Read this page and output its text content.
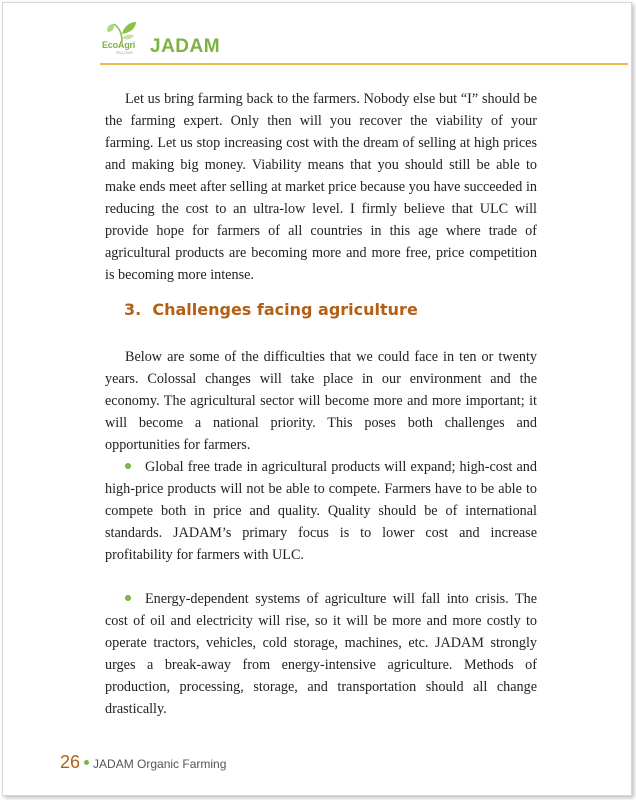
EcoAgri
FELLOWS JADAM

Let us bring farming back to the farmers. Nobody else but “I” should be the farming expert. Only then will you recover the viability of your farming. Let us stop increasing cost with the dream of selling at high prices and making big money. Viability means that you should still be able to make ends meet after selling at market price because you have succeeded in reducing the cost to an ultra-low level. I firmly believe that ULC will provide hope for farmers of all countries in this age where trade of agricultural products are becoming more and more free, price competition is becoming more intense.

3.  Challenges facing agriculture

Below are some of the difficulties that we could face in ten or twenty years. Colossal changes will take place in our environment and the economy. The agricultural sector will become more and more important; it will become a national priority. This poses both challenges and opportunities for farmers.

Global free trade in agricultural products will expand; high-cost and high-price products will not be able to compete. Farmers have to be able to compete both in price and quality. Quality should be of international standards. JADAM’s primary focus is to lower cost and increase profitability for farmers with ULC.

Energy-dependent systems of agriculture will fall into crisis. The cost of oil and electricity will rise, so it will be more and more costly to operate tractors, vehicles, cold storage, machines, etc. JADAM strongly urges a break-away from energy-intensive agriculture. Methods of production, processing, storage, and transportation should all change drastically.

26 JADAM Organic Farming
